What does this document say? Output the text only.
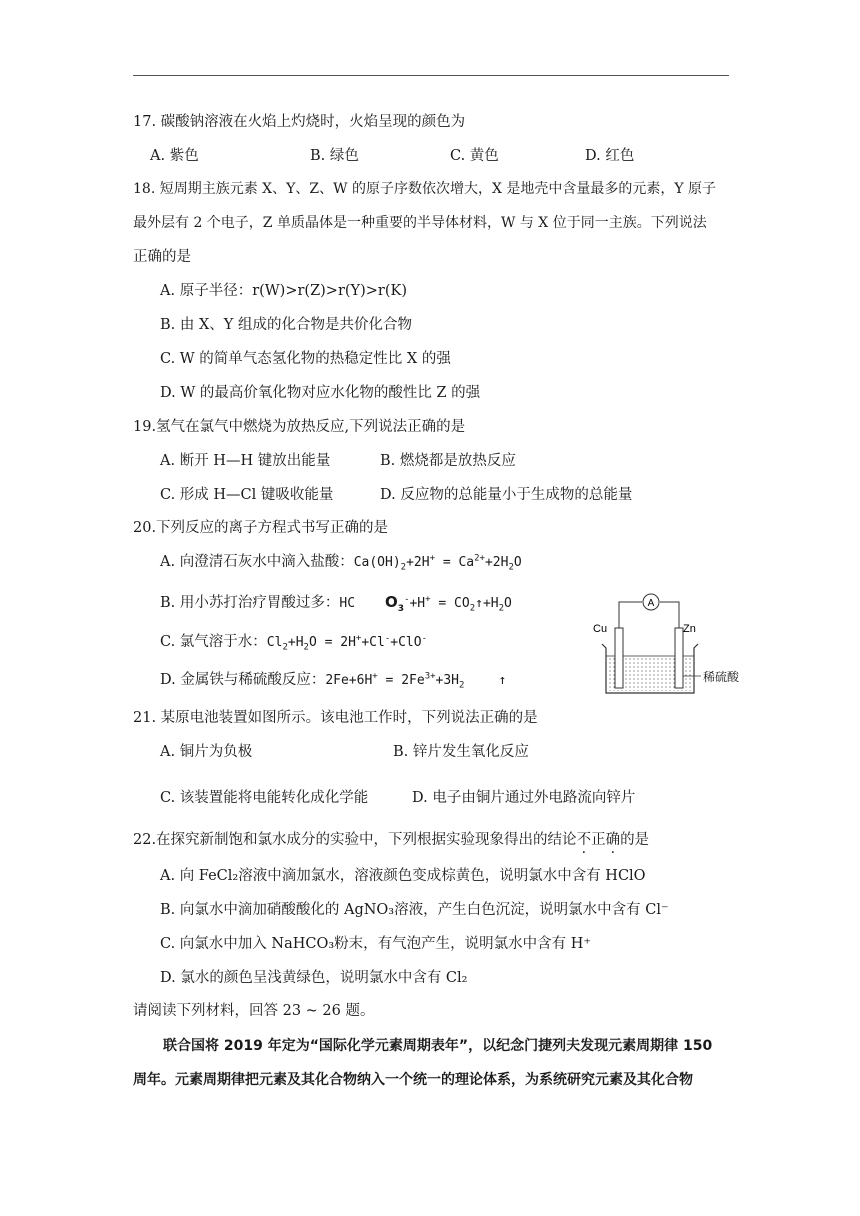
17. 碳酸钠溶液在火焰上灼烧时，火焰呈现的颜色为
A. 紫色	B. 绿色	C. 黄色	D. 红色
18. 短周期主族元素 X、Y、Z、W 的原子序数依次增大，X 是地壳中含量最多的元素，Y 原子
最外层有 2 个电子，Z 单质晶体是一种重要的半导体材料，W 与 X 位于同一主族。下列说法
正确的是
A. 原子半径：r(W)>r(Z)>r(Y)>r(K)
B. 由 X、Y 组成的化合物是共价化合物
C. W 的简单气态氢化物的热稳定性比 X 的强
D. W 的最高价氧化物对应水化物的酸性比 Z 的强
19.氢气在氯气中燃烧为放热反应,下列说法正确的是
A. 断开 H—H 键放出能量	B. 燃烧都是放热反应
C. 形成 H—Cl 键吸收能量	D. 反应物的总能量小于生成物的总能量
20.下列反应的离子方程式书写正确的是
A. 向澄清石灰水中滴入盐酸：$Ca(OH)_2+2H^+ = Ca^{2+}+2H_2O$
B. 用小苏打治疗胃酸过多：HC $O_3^-+H^+$ = $CO_2↑+H_2O$
C. 氯气溶于水：$Cl_2+H_2O = 2H^++Cl^-+ClO^-$
D. 金属铁与稀硫酸反应：$2Fe+6H^+ = 2Fe^{3+}+3H_2$	↑
A
Cu	Zn
稀硫酸
21. 某原电池装置如图所示。该电池工作时，下列说法正确的是
A. 铜片为负极	B. 锌片发生氧化反应
C. 该装置能将电能转化成化学能	D. 电子由铜片通过外电路流向锌片
22.在探究新制饱和氯水成分的实验中，下列根据实验现象得出的结论不正确的是
A. 向 FeCl₂溶液中滴加氯水，溶液颜色变成棕黄色，说明氯水中含有 HClO
B. 向氯水中滴加硝酸酸化的 AgNO₃溶液，产生白色沉淀，说明氯水中含有 Cl⁻
C. 向氯水中加入 NaHCO₃粉末，有气泡产生，说明氯水中含有 H⁺
D. 氯水的颜色呈浅黄绿色，说明氯水中含有 Cl₂
请阅读下列材料，回答 23 ~ 26 题。
联合国将 2019 年定为“国际化学元素周期表年”，以纪念门捷列夫发现元素周期律 150
周年。元素周期律把元素及其化合物纳入一个统一的理论体系，为系统研究元素及其化合物
